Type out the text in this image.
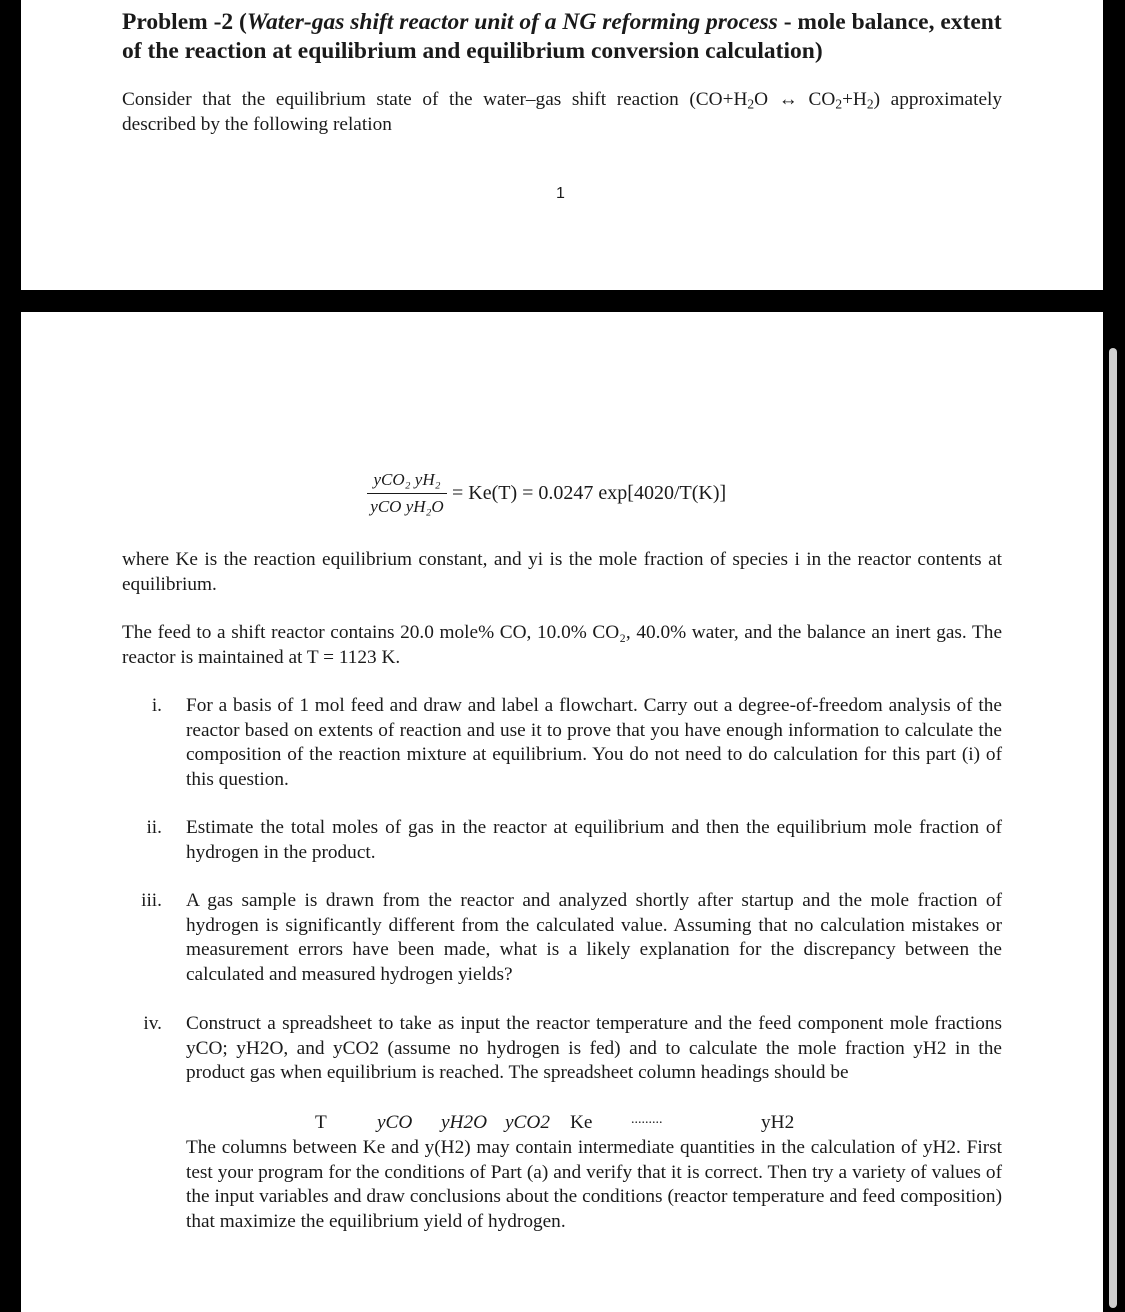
Problem -2 (Water-gas shift reactor unit of a NG reforming process - mole balance, extent of the reaction at equilibrium and equilibrium conversion calculation)

Consider that the equilibrium state of the water–gas shift reaction ($CO+H_2O$ ↔ $CO_2+H_2$) approximately described by the following relation

1
yCO₂ yH₂
yCO yH₂O
= Ke(T) = 0.0247 exp[4020/T(K)]

where Ke is the reaction equilibrium constant, and yi is the mole fraction of species i in the reactor contents at equilibrium.

The feed to a shift reactor contains 20.0 mole% CO, 10.0% CO₂, 40.0% water, and the balance an inert gas. The reactor is maintained at T = 1123 K.

i. For a basis of 1 mol feed and draw and label a flowchart. Carry out a degree-of-freedom analysis of the reactor based on extents of reaction and use it to prove that you have enough information to calculate the composition of the reaction mixture at equilibrium. You do not need to do calculation for this part (i) of this question.

ii. Estimate the total moles of gas in the reactor at equilibrium and then the equilibrium mole fraction of hydrogen in the product.

iii. A gas sample is drawn from the reactor and analyzed shortly after startup and the mole fraction of hydrogen is significantly different from the calculated value. Assuming that no calculation mistakes or measurement errors have been made, what is a likely explanation for the discrepancy between the calculated and measured hydrogen yields?

iv. Construct a spreadsheet to take as input the reactor temperature and the feed component mole fractions yCO; yH2O, and yCO2 (assume no hydrogen is fed) and to calculate the mole fraction yH2 in the product gas when equilibrium is reached. The spreadsheet column headings should be

T	yCO yH2O yCO2 Ke	.........	yH2

The columns between Ke and y(H2) may contain intermediate quantities in the calculation of yH2. First test your program for the conditions of Part (a) and verify that it is correct. Then try a variety of values of the input variables and draw conclusions about the conditions (reactor temperature and feed composition) that maximize the equilibrium yield of hydrogen.
